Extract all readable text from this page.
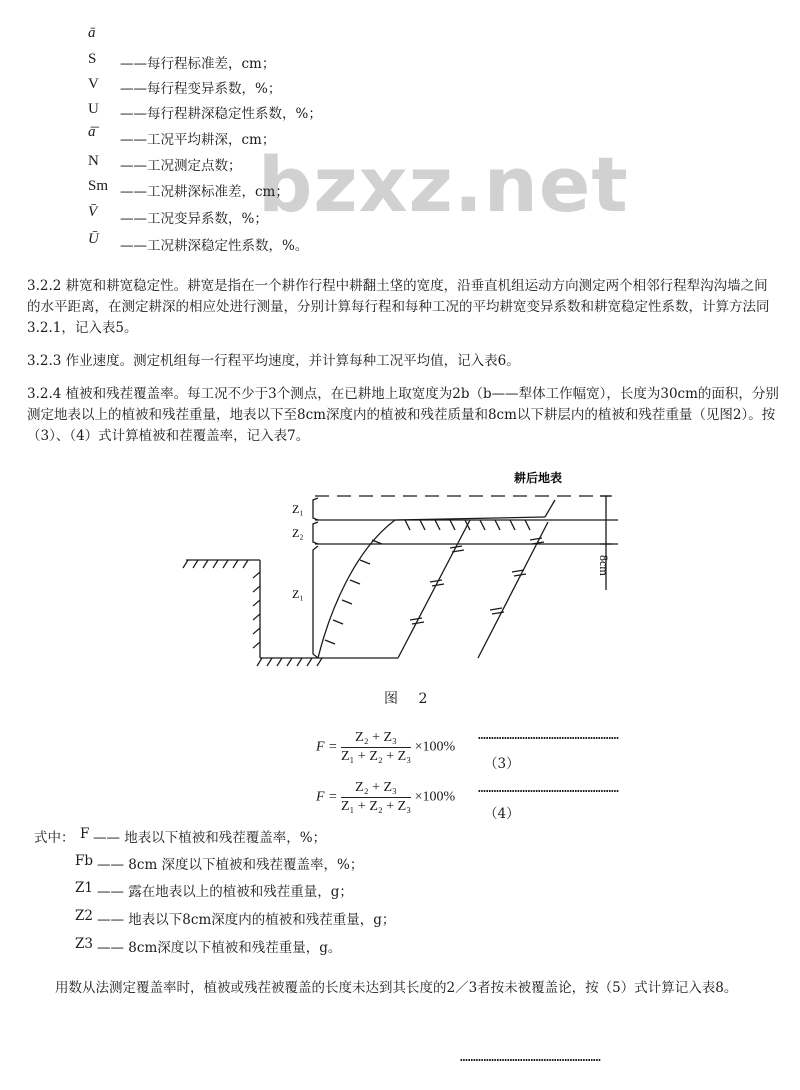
bzxz.net
ā
S ——每行程标准差，cm；
V ——每行程变异系数，%；
U ——每行程耕深稳定性系数，%；
ā̄ ——工况平均耕深，cm；
N ——工况测定点数；
Sm ——工况耕深标准差，cm；
V̄ ——工况变异系数，%；
Ū ——工况耕深稳定性系数，%。
3.2.2 耕宽和耕宽稳定性。耕宽是指在一个耕作行程中耕翻土垡的宽度，沿垂直机组运动方向测定两个相邻行程犁沟沟墙之间的水平距离，在测定耕深的相应处进行测量，分别计算每行程和每种工况的平均耕宽变异系数和耕宽稳定性系数，计算方法同3.2.1，记入表5。
3.2.3 作业速度。测定机组每一行程平均速度，并计算每种工况平均值，记入表6。
3.2.4 植被和残茬覆盖率。每工况不少于3个测点，在已耕地上取宽度为2b（b——犁体工作幅宽），长度为30cm的面积，分别测定地表以上的植被和残茬重量，地表以下至8cm深度内的植被和残茬质量和8cm以下耕层内的植被和残茬重量（见图2）。按（3）、（4）式计算植被和茬覆盖率，记入表7。
耕后地表
Z₁
Z₂
Z₁
8cm
图 2
$F = \frac{\text{Z₂ + Z₃}}{\text{Z₁ + Z₂ + Z₃}} \times 100\%$
………………………………………………
（3）
$F = \frac{\text{Z₂ + Z₃}}{\text{Z₁ + Z₂ + Z₃}} \times 100\%$
………………………………………………
（4）
式中： F —— 地表以下植被和残茬覆盖率，%；
Fb —— 8cm 深度以下植被和残茬覆盖率，%；
Z1 —— 露在地表以上的植被和残茬重量，g；
Z2 —— 地表以下8cm深度内的植被和残茬重量，g；
Z3 —— 8cm深度以下植被和残茬重量，g。
用数从法测定覆盖率时，植被或残茬被覆盖的长度未达到其长度的2／3者按未被覆盖论，按（5）式计算记入表8。
………………………………………………
